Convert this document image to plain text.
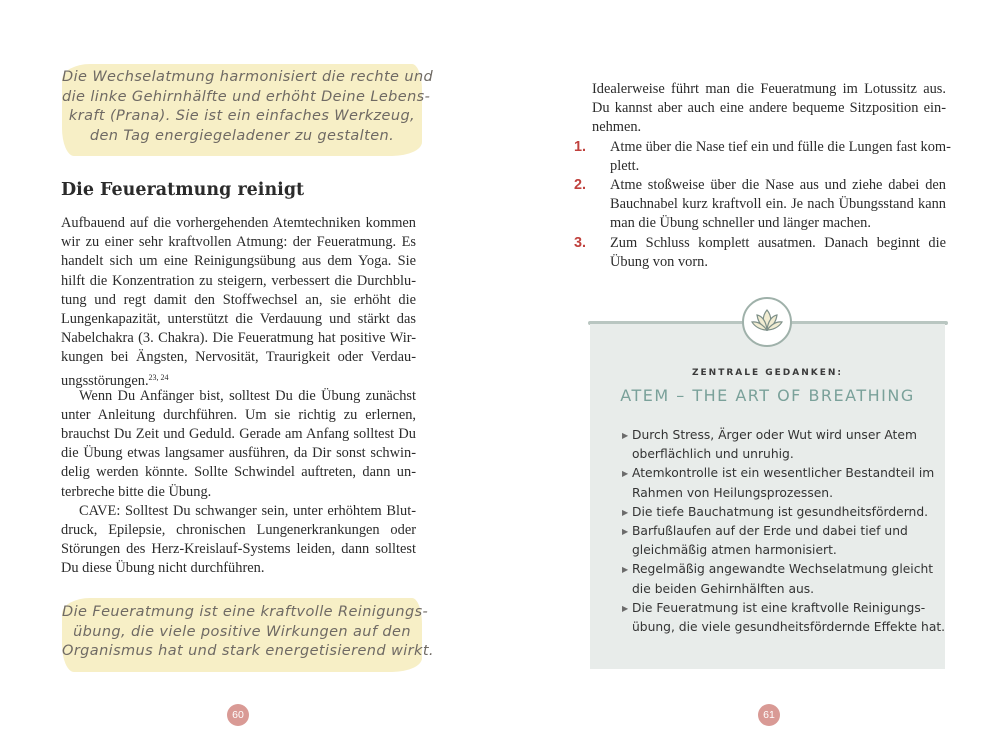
Die Wechselatmung harmonisiert die rechte und
die linke Gehirnhälfte und erhöht Deine Lebens-
kraft (Prana). Sie ist ein einfaches Werkzeug,
den Tag energiegeladener zu gestalten.
Die Feueratmung reinigt
Aufbauend auf die vorhergehenden Atemtechniken kommen
wir zu einer sehr kraftvollen Atmung: der Feueratmung. Es
handelt sich um eine Reinigungsübung aus dem Yoga. Sie
hilft die Konzentration zu steigern, verbessert die Durchblu-
tung und regt damit den Stoffwechsel an, sie erhöht die
Lungenkapazität, unterstützt die Verdauung und stärkt das
Nabelchakra (3. Chakra). Die Feueratmung hat positive Wir-
kungen bei Ängsten, Nervosität, Traurigkeit oder Verdau-
ungsstörungen.$^{23, 24}$
Wenn Du Anfänger bist, solltest Du die Übung zunächst
unter Anleitung durchführen. Um sie richtig zu erlernen,
brauchst Du Zeit und Geduld. Gerade am Anfang solltest Du
die Übung etwas langsamer ausführen, da Dir sonst schwin-
delig werden könnte. Sollte Schwindel auftreten, dann un-
terbreche bitte die Übung.
CAVE: Solltest Du schwanger sein, unter erhöhtem Blut-
druck, Epilepsie, chronischen Lungenerkrankungen oder
Störungen des Herz-Kreislauf-Systems leiden, dann solltest
Du diese Übung nicht durchführen.
Die Feueratmung ist eine kraftvolle Reinigungs-
übung, die viele positive Wirkungen auf den
Organismus hat und stark energetisierend wirkt.
60
Idealerweise führt man die Feueratmung im Lotussitz aus.
Du kannst aber auch eine andere bequeme Sitzposition ein-
nehmen.
1. Atme über die Nase tief ein und fülle die Lungen fast kom-
plett.
2. Atme stoßweise über die Nase aus und ziehe dabei den
Bauchnabel kurz kraftvoll ein. Je nach Übungsstand kann
man die Übung schneller und länger machen.
3. Zum Schluss komplett ausatmen. Danach beginnt die
Übung von vorn.
ZENTRALE GEDANKEN:
ATEM – THE ART OF BREATHING
▶ Durch Stress, Ärger oder Wut wird unser Atem
oberflächlich und unruhig.
▶ Atemkontrolle ist ein wesentlicher Bestandteil im
Rahmen von Heilungsprozessen.
▶ Die tiefe Bauchatmung ist gesundheitsfördernd.
▶ Barfußlaufen auf der Erde und dabei tief und
gleichmäßig atmen harmonisiert.
▶ Regelmäßig angewandte Wechselatmung gleicht
die beiden Gehirnhälften aus.
▶ Die Feueratmung ist eine kraftvolle Reinigungs-
übung, die viele gesundheitsfördernde Effekte hat.
61
